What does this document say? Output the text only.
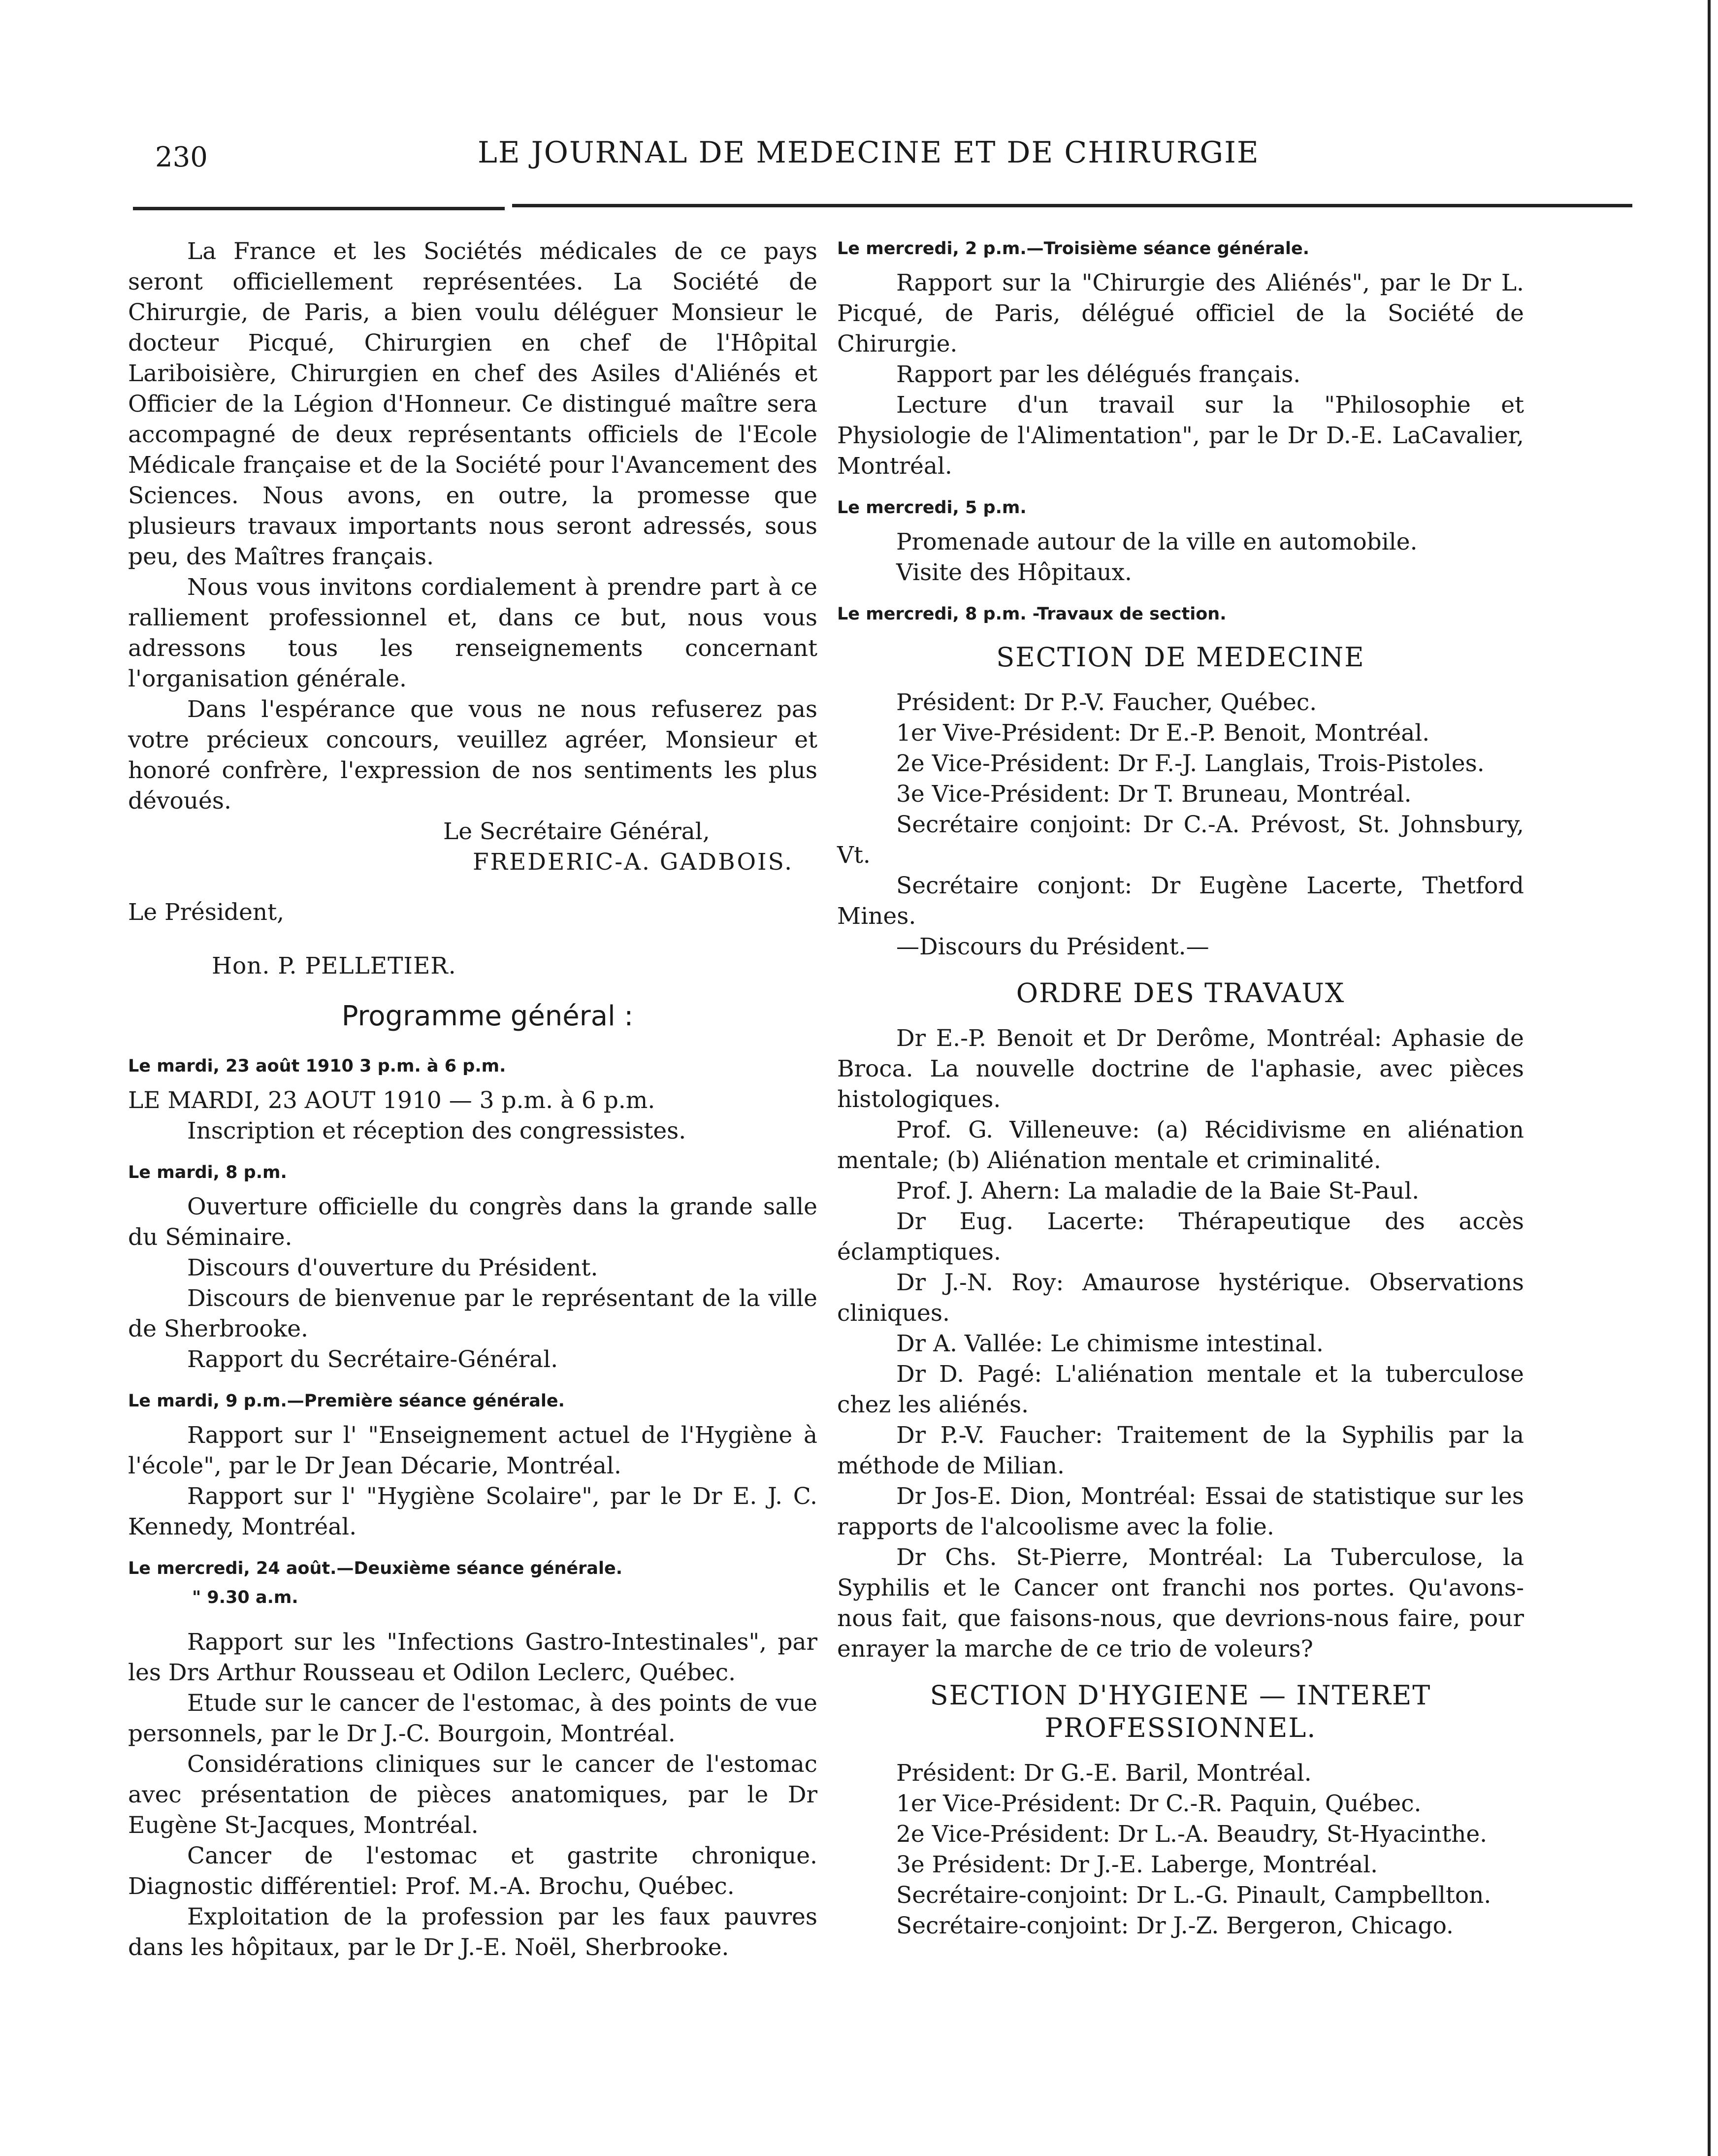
230	LE JOURNAL DE MEDECINE ET DE CHIRURGIE

La France et les Sociétés médicales de ce pays seront officiellement représentées. La Société de Chirurgie, de Paris, a bien voulu déléguer Monsieur le docteur Picqué, Chirurgien en chef de l'Hôpital Lariboisière, Chirurgien en chef des Asiles d'Aliénés et Officier de la Légion d'Honneur. Ce distingué maître sera accompagné de deux représentants officiels de l'Ecole Médicale française et de la Société pour l'Avancement des Sciences. Nous avons, en outre, la promesse que plusieurs travaux importants nous seront adressés, sous peu, des Maîtres français.

Nous vous invitons cordialement à prendre part à ce ralliement professionnel et, dans ce but, nous vous adressons tous les renseignements concernant l'organisation générale.

Dans l'espérance que vous ne nous refuserez pas votre précieux concours, veuillez agréer, Monsieur et honoré confrère, l'expression de nos sentiments les plus dévoués.

Le Secrétaire Général,

FREDERIC-A. GADBOIS.

Le Président,

Hon. P. PELLETIER.

Programme général :
Le mardi, 23 août 1910 3 p.m. à 6 p.m.

LE MARDI, 23 AOUT 1910 — 3 p.m. à 6 p.m.

Inscription et réception des congressistes.

Le mardi, 8 p.m.

Ouverture officielle du congrès dans la grande salle du Séminaire.

Discours d'ouverture du Président.

Discours de bienvenue par le représentant de la ville de Sherbrooke.

Rapport du Secrétaire-Général.

Le mardi, 9 p.m.—Première séance générale.

Rapport sur l' "Enseignement actuel de l'Hygiène à l'école", par le Dr Jean Décarie, Montréal.

Rapport sur l' "Hygiène Scolaire", par le Dr E. J. C. Kennedy, Montréal.

Le mercredi, 24 août.—Deuxième séance générale.
" 9.30 a.m.

Rapport sur les "Infections Gastro-Intestinales", par les Drs Arthur Rousseau et Odilon Leclerc, Québec.

Etude sur le cancer de l'estomac, à des points de vue personnels, par le Dr J.-C. Bourgoin, Montréal.

Considérations cliniques sur le cancer de l'estomac avec présentation de pièces anatomiques, par le Dr Eugène St-Jacques, Montréal.

Cancer de l'estomac et gastrite chronique. Diagnostic différentiel: Prof. M.-A. Brochu, Québec.

Exploitation de la profession par les faux pauvres dans les hôpitaux, par le Dr J.-E. Noël, Sherbrooke.

Le mercredi, 2 p.m.—Troisième séance générale.

Rapport sur la "Chirurgie des Aliénés", par le Dr L. Picqué, de Paris, délégué officiel de la Société de Chirurgie.

Rapport par les délégués français.

Lecture d'un travail sur la "Philosophie et Physiologie de l'Alimentation", par le Dr D.-E. LaCavalier, Montréal.

Le mercredi, 5 p.m.

Promenade autour de la ville en automobile.

Visite des Hôpitaux.

Le mercredi, 8 p.m. -Travaux de section.
SECTION DE MEDECINE

Président: Dr P.-V. Faucher, Québec.

1er Vive-Président: Dr E.-P. Benoit, Montréal.

2e Vice-Président: Dr F.-J. Langlais, Trois-Pistoles.

3e Vice-Président: Dr T. Bruneau, Montréal.

Secrétaire conjoint: Dr C.-A. Prévost, St. Johnsbury, Vt.

Secrétaire conjont: Dr Eugène Lacerte, Thetford Mines.

—Discours du Président.—

ORDRE DES TRAVAUX

Dr E.-P. Benoit et Dr Derôme, Montréal: Aphasie de Broca. La nouvelle doctrine de l'aphasie, avec pièces histologiques.

Prof. G. Villeneuve: (a) Récidivisme en aliénation mentale; (b) Aliénation mentale et criminalité.

Prof. J. Ahern: La maladie de la Baie St-Paul.

Dr Eug. Lacerte: Thérapeutique des accès éclamptiques.

Dr J.-N. Roy: Amaurose hystérique. Observations cliniques.

Dr A. Vallée: Le chimisme intestinal.

Dr D. Pagé: L'aliénation mentale et la tuberculose chez les aliénés.

Dr P.-V. Faucher: Traitement de la Syphilis par la méthode de Milian.

Dr Jos-E. Dion, Montréal: Essai de statistique sur les rapports de l'alcoolisme avec la folie.

Dr Chs. St-Pierre, Montréal: La Tuberculose, la Syphilis et le Cancer ont franchi nos portes. Qu'avons-nous fait, que faisons-nous, que devrions-nous faire, pour enrayer la marche de ce trio de voleurs?

SECTION D'HYGIENE — INTERET PROFESSIONNEL.

Président: Dr G.-E. Baril, Montréal.

1er Vice-Président: Dr C.-R. Paquin, Québec.

2e Vice-Président: Dr L.-A. Beaudry, St-Hyacinthe.

3e Président: Dr J.-E. Laberge, Montréal.

Secrétaire-conjoint: Dr L.-G. Pinault, Campbellton.

Secrétaire-conjoint: Dr J.-Z. Bergeron, Chicago.
